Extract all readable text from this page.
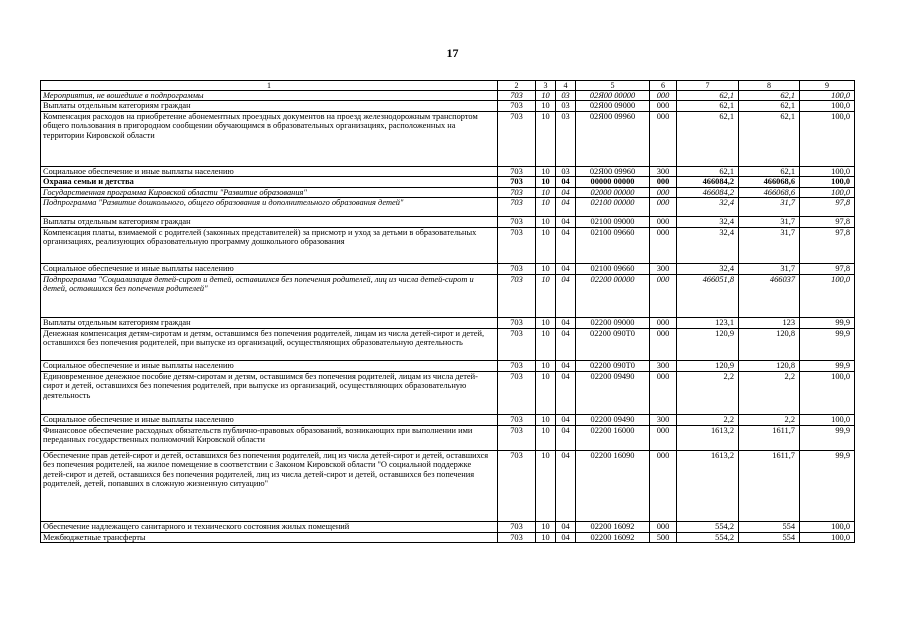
17
1	2	3	4	5	6	7	8	9
Мероприятия, не вошедшие в подпрограммы	703	10	03	02Я00 00000	000	62,1	62,1	100,0
Выплаты отдельным категориям граждан	703	10	03	02Я00 09000	000	62,1	62,1	100,0
Компенсация расходов на приобретение абонементных проездных документов на проезд железнодорожным транспортом общего пользования в пригородном сообщении обучающимся в образовательных организациях, расположенных на территории Кировской области	703	10	03	02Я00 09960	000	62,1	62,1	100,0
Социальное обеспечение и иные выплаты населению	703	10	03	02Я00 09960	300	62,1	62,1	100,0
Охрана семьи и детства	703	10	04	00000 00000	000	466084,2	466068,6	100,0
Государственная программа Кировской области "Развитие образования"	703	10	04	02000 00000	000	466084,2	466068,6	100,0
Подпрограмма "Развитие дошкольного, общего образования и дополнительного образования детей"	703	10	04	02100 00000	000	32,4	31,7	97,8
Выплаты отдельным категориям граждан	703	10	04	02100 09000	000	32,4	31,7	97,8
Компенсация платы, взимаемой с родителей (законных представителей) за присмотр и уход за детьми в образовательных организациях, реализующих образовательную программу дошкольного образования	703	10	04	02100 09660	000	32,4	31,7	97,8
Социальное обеспечение и иные выплаты населению	703	10	04	02100 09660	300	32,4	31,7	97,8
Подпрограмма "Социализация детей-сирот и детей, оставшихся без попечения родителей, лиц из числа детей-сирот и детей, оставшихся без попечения родителей"	703	10	04	02200 00000	000	466051,8	466037	100,0
Выплаты отдельным категориям граждан	703	10	04	02200 09000	000	123,1	123	99,9
Денежная компенсация детям-сиротам и детям, оставшимся без попечения родителей, лицам из числа детей-сирот и детей, оставшихся без попечения родителей, при выпуске из организаций, осуществляющих образовательную деятельность	703	10	04	02200 090Т0	000	120,9	120,8	99,9
Социальное обеспечение и иные выплаты населению	703	10	04	02200 090Т0	300	120,9	120,8	99,9
Единовременное денежное пособие детям-сиротам и детям, оставшимся без попечения родителей, лицам из числа детей-сирот и детей, оставшихся без попечения родителей, при выпуске из организаций, осуществляющих образовательную деятельность	703	10	04	02200 09490	000	2,2	2,2	100,0
Социальное обеспечение и иные выплаты населению	703	10	04	02200 09490	300	2,2	2,2	100,0
Финансовое обеспечение расходных обязательств публично-правовых образований, возникающих при выполнении ими переданных государственных полномочий Кировской области	703	10	04	02200 16000	000	1613,2	1611,7	99,9
Обеспечение прав детей-сирот и детей, оставшихся без попечения родителей, лиц из числа детей-сирот и детей, оставшихся без попечения родителей, на жилое помещение в соответствии с Законом Кировской области "О социальной поддержке детей-сирот и детей, оставшихся без попечения родителей, лиц из числа детей-сирот и детей, оставшихся без попечения родителей, детей, попавших в сложную жизненную ситуацию"	703	10	04	02200 16090	000	1613,2	1611,7	99,9
Обеспечение надлежащего санитарного и технического состояния жилых помещений	703	10	04	02200 16092	000	554,2	554	100,0
Межбюджетные трансферты	703	10	04	02200 16092	500	554,2	554	100,0
